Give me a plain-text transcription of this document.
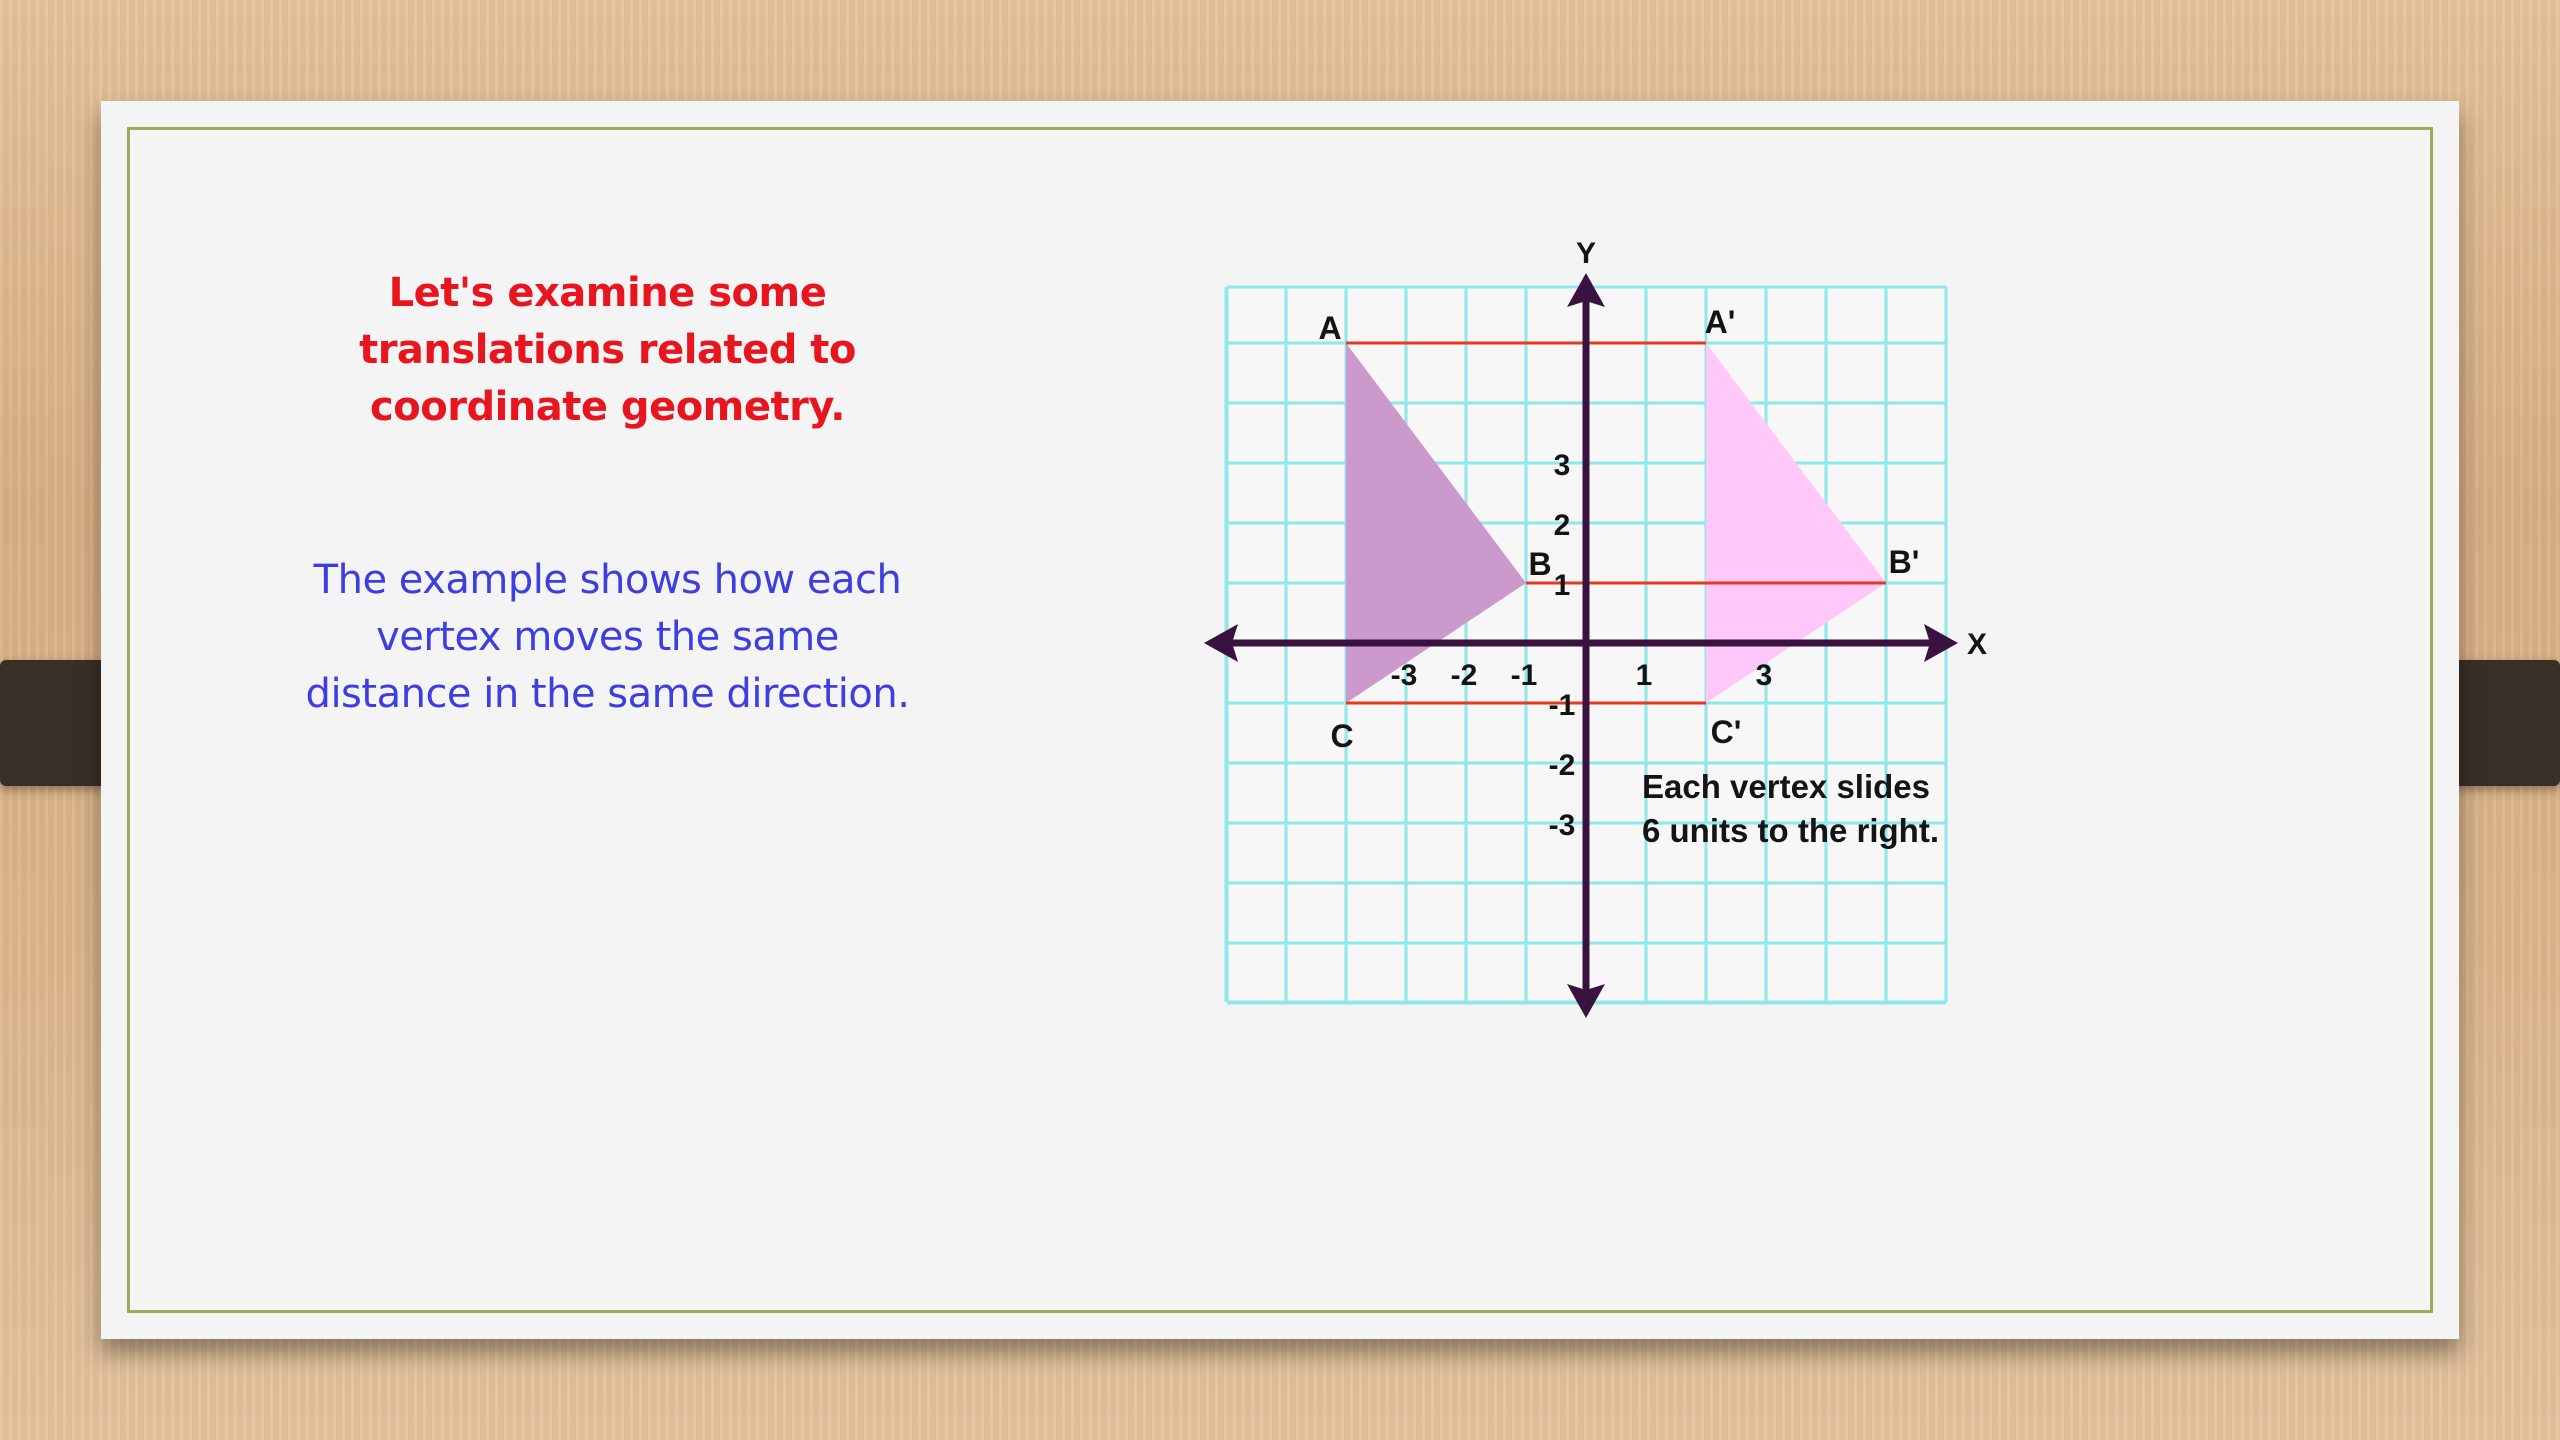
Let's examine some translations related to coordinate geometry.
The example shows how each vertex moves the same distance in the same direction.
Y
X
-3 -2 -1	1	3
3
2
1
-1
-2
-3
A
B
C
A'
B'
C'
Each vertex slides
6 units to the right.
